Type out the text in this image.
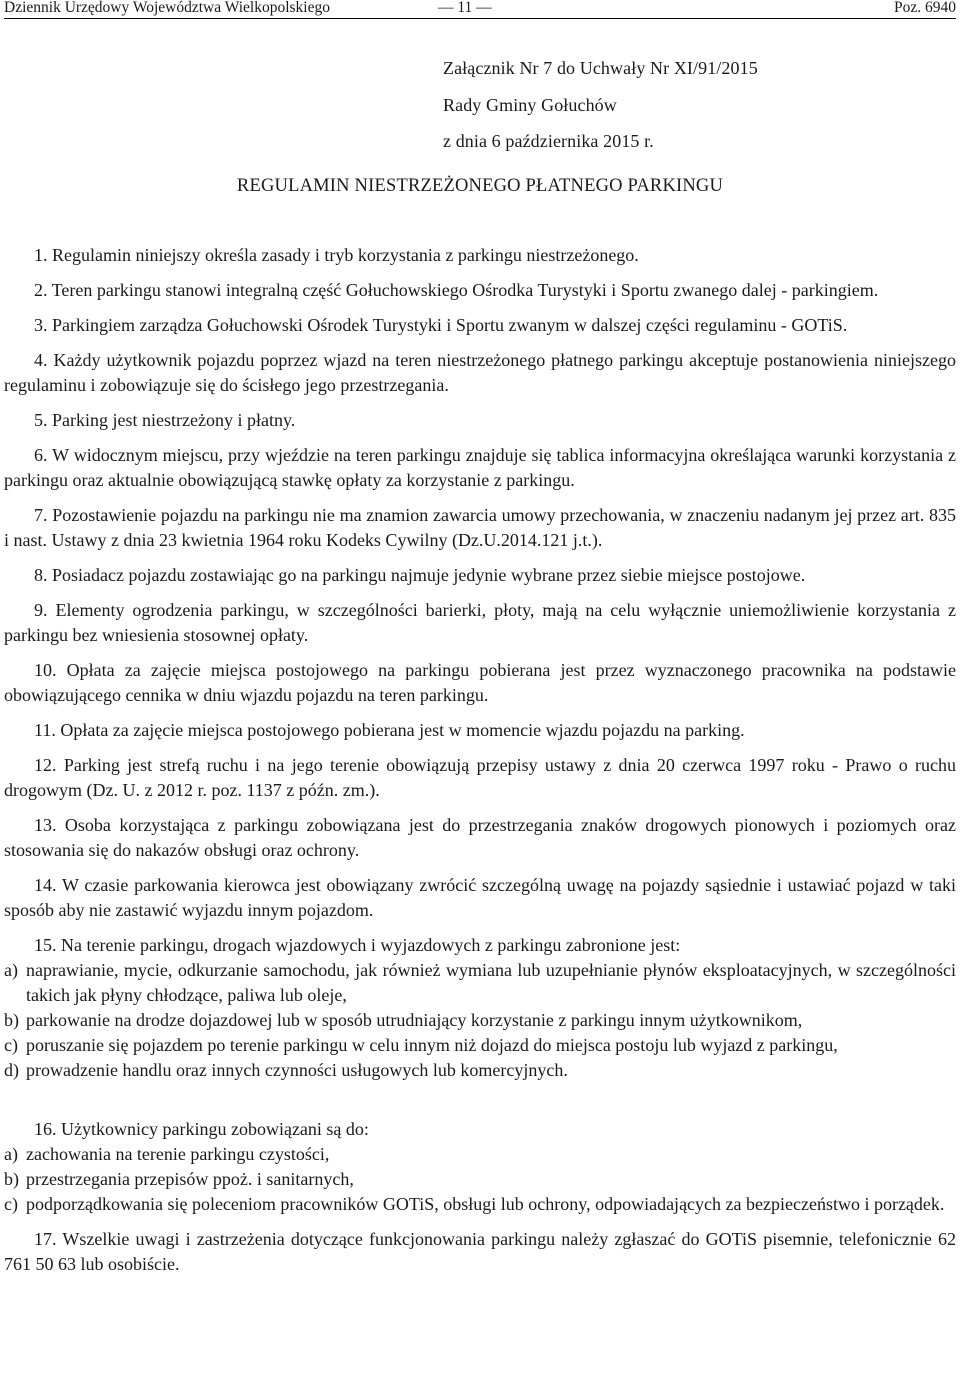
Dziennik Urzędowy Województwa Wielkopolskiego	— 11 —	Poz. 6940
Załącznik Nr 7 do Uchwały Nr XI/91/2015
Rady Gminy Gołuchów
z dnia 6 października 2015 r.
REGULAMIN NIESTRZEŻONEGO PŁATNEGO PARKINGU

1. Regulamin niniejszy określa zasady i tryb korzystania z parkingu niestrzeżonego.

2. Teren parkingu stanowi integralną część Gołuchowskiego Ośrodka Turystyki i Sportu zwanego dalej - parkingiem.

3. Parkingiem zarządza Gołuchowski Ośrodek Turystyki i Sportu zwanym w dalszej części regulaminu - GOTiS.

4. Każdy użytkownik pojazdu poprzez wjazd na teren niestrzeżonego płatnego parkingu akceptuje postanowienia niniejszego regulaminu i zobowiązuje się do ścisłego jego przestrzegania.

5. Parking jest niestrzeżony i płatny.

6. W widocznym miejscu, przy wjeździe na teren parkingu znajduje się tablica informacyjna określająca warunki korzystania z parkingu oraz aktualnie obowiązującą stawkę opłaty za korzystanie z parkingu.

7. Pozostawienie pojazdu na parkingu nie ma znamion zawarcia umowy przechowania, w znaczeniu nadanym jej przez art. 835 i nast. Ustawy z dnia 23 kwietnia 1964 roku Kodeks Cywilny (Dz.U.2014.121 j.t.).

8. Posiadacz pojazdu zostawiając go na parkingu najmuje jedynie wybrane przez siebie miejsce postojowe.

9. Elementy ogrodzenia parkingu, w szczególności barierki, płoty, mają na celu wyłącznie uniemożliwienie korzystania z parkingu bez wniesienia stosownej opłaty.

10. Opłata za zajęcie miejsca postojowego na parkingu pobierana jest przez wyznaczonego pracownika na podstawie obowiązującego cennika w dniu wjazdu pojazdu na teren parkingu.

11. Opłata za zajęcie miejsca postojowego pobierana jest w momencie wjazdu pojazdu na parking.

12. Parking jest strefą ruchu i na jego terenie obowiązują przepisy ustawy z dnia 20 czerwca 1997 roku - Prawo o ruchu drogowym (Dz. U. z 2012 r. poz. 1137 z późn. zm.).

13. Osoba korzystająca z parkingu zobowiązana jest do przestrzegania znaków drogowych pionowych i poziomych oraz stosowania się do nakazów obsługi oraz ochrony.

14. W czasie parkowania kierowca jest obowiązany zwrócić szczególną uwagę na pojazdy sąsiednie i ustawiać pojazd w taki sposób aby nie zastawić wyjazdu innym pojazdom.

15. Na terenie parkingu, drogach wjazdowych i wyjazdowych z parkingu zabronione jest:

a) naprawianie, mycie, odkurzanie samochodu, jak również wymiana lub uzupełnianie płynów eksploatacyjnych, w szczególności takich jak płyny chłodzące, paliwa lub oleje,
b) parkowanie na drodze dojazdowej lub w sposób utrudniający korzystanie z parkingu innym użytkownikom,
c) poruszanie się pojazdem po terenie parkingu w celu innym niż dojazd do miejsca postoju lub wyjazd z parkingu,
d) prowadzenie handlu oraz innych czynności usługowych lub komercyjnych.

16. Użytkownicy parkingu zobowiązani są do:

a) zachowania na terenie parkingu czystości,
b) przestrzegania przepisów ppoż. i sanitarnych,
c) podporządkowania się poleceniom pracowników GOTiS, obsługi lub ochrony, odpowiadających za bezpieczeństwo i porządek.

17. Wszelkie uwagi i zastrzeżenia dotyczące funkcjonowania parkingu należy zgłaszać do GOTiS pisemnie, telefonicznie 62 761 50 63 lub osobiście.
